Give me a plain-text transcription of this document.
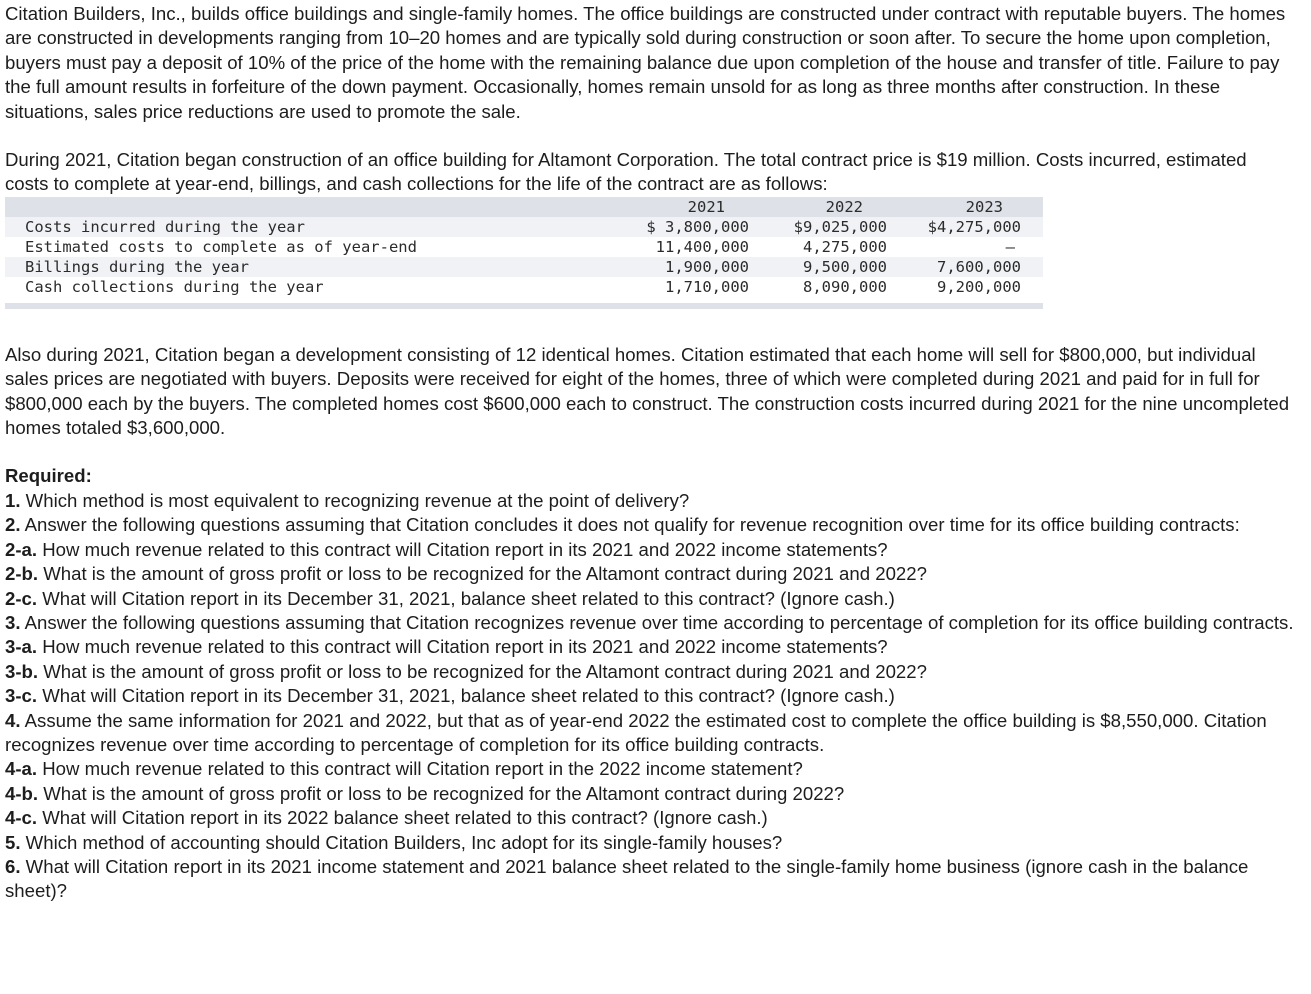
Citation Builders, Inc., builds office buildings and single-family homes. The office buildings are constructed under contract with reputable buyers. The homes are constructed in developments ranging from 10–20 homes and are typically sold during construction or soon after. To secure the home upon completion, buyers must pay a deposit of 10% of the price of the home with the remaining balance due upon completion of the house and transfer of title. Failure to pay the full amount results in forfeiture of the down payment. Occasionally, homes remain unsold for as long as three months after construction. In these situations, sales price reductions are used to promote the sale.

During 2021, Citation began construction of an office building for Altamont Corporation. The total contract price is $19 million. Costs incurred, estimated costs to complete at year-end, billings, and cash collections for the life of the contract are as follows:

	2021	2022	2023
Costs incurred during the year	$ 3,800,000	$9,025,000	$4,275,000
Estimated costs to complete as of year-end	11,400,000	4,275,000	–
Billings during the year	1,900,000	9,500,000	7,600,000
Cash collections during the year	1,710,000	8,090,000	9,200,000

Also during 2021, Citation began a development consisting of 12 identical homes. Citation estimated that each home will sell for $800,000, but individual sales prices are negotiated with buyers. Deposits were received for eight of the homes, three of which were completed during 2021 and paid for in full for $800,000 each by the buyers. The completed homes cost $600,000 each to construct. The construction costs incurred during 2021 for the nine uncompleted homes totaled $3,600,000.

Required:

1. Which method is most equivalent to recognizing revenue at the point of delivery?

2. Answer the following questions assuming that Citation concludes it does not qualify for revenue recognition over time for its office building contracts:

2-a. How much revenue related to this contract will Citation report in its 2021 and 2022 income statements?

2-b. What is the amount of gross profit or loss to be recognized for the Altamont contract during 2021 and 2022?

2-c. What will Citation report in its December 31, 2021, balance sheet related to this contract? (Ignore cash.)

3. Answer the following questions assuming that Citation recognizes revenue over time according to percentage of completion for its office building contracts.

3-a. How much revenue related to this contract will Citation report in its 2021 and 2022 income statements?

3-b. What is the amount of gross profit or loss to be recognized for the Altamont contract during 2021 and 2022?

3-c. What will Citation report in its December 31, 2021, balance sheet related to this contract? (Ignore cash.)

4. Assume the same information for 2021 and 2022, but that as of year-end 2022 the estimated cost to complete the office building is $8,550,000. Citation recognizes revenue over time according to percentage of completion for its office building contracts.

4-a. How much revenue related to this contract will Citation report in the 2022 income statement?

4-b. What is the amount of gross profit or loss to be recognized for the Altamont contract during 2022?

4-c. What will Citation report in its 2022 balance sheet related to this contract? (Ignore cash.)

5. Which method of accounting should Citation Builders, Inc adopt for its single-family houses?

6. What will Citation report in its 2021 income statement and 2021 balance sheet related to the single-family home business (ignore cash in the balance sheet)?
